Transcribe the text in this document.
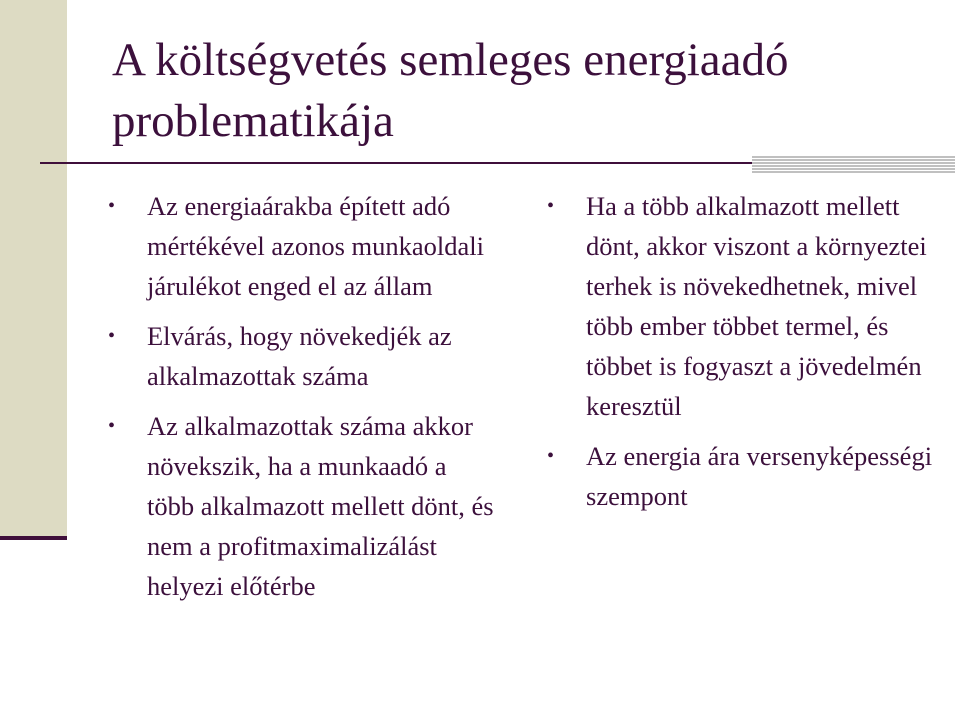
A költségvetés semleges energiaadó problematikája
• Az energiaárakba épített adó mértékével azonos munkaoldali járulékot enged el az állam
• Elvárás, hogy növekedjék az alkalmazottak száma
• Az alkalmazottak száma akkor növekszik, ha a munkaadó a több alkalmazott mellett dönt, és nem a profitmaximalizálást helyezi előtérbe
• Ha a több alkalmazott mellett dönt, akkor viszont a környeztei terhek is növekedhetnek, mivel több ember többet termel, és többet is fogyaszt a jövedelmén keresztül
• Az energia ára versenyképességi szempont
